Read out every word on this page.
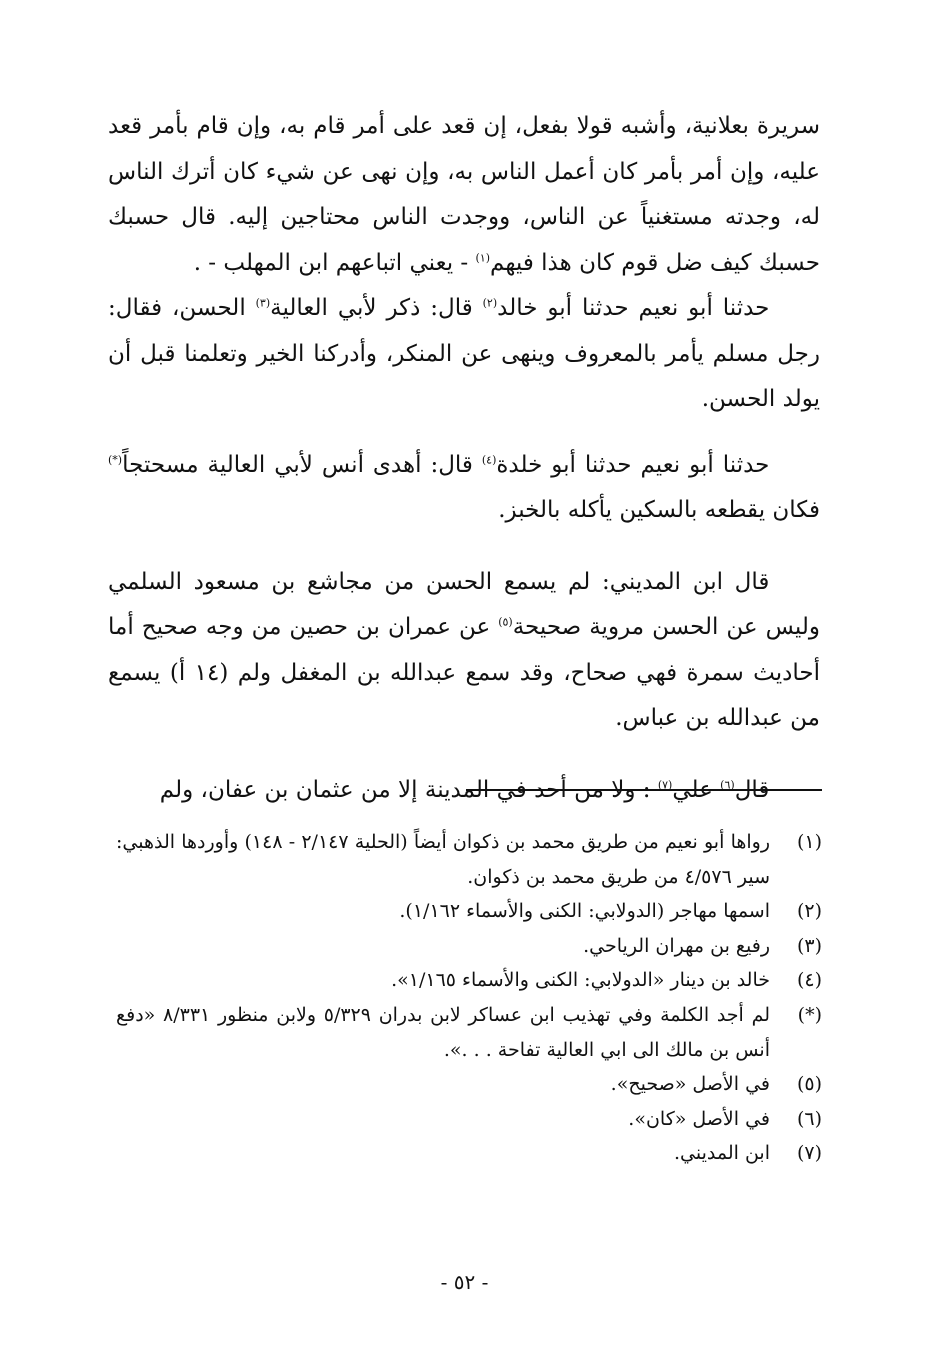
سريرة بعلانية، وأشبه قولا بفعل، إن قعد على أمر قام به، وإن قام بأمر قعد عليه، وإن أمر بأمر كان أعمل الناس به، وإن نهى عن شيء كان أترك الناس له، وجدته مستغنياً عن الناس، ووجدت الناس محتاجين إليه. قال حسبك حسبك كيف ضل قوم كان هذا فيهم$^{(١)}$ - يعني اتباعهم ابن المهلب - .

حدثنا أبو نعيم حدثنا أبو خالد$^{(٢)}$ قال: ذكر لأبي العالية$^{(٣)}$ الحسن، فقال: رجل مسلم يأمر بالمعروف وينهى عن المنكر، وأدركنا الخير وتعلمنا قبل أن يولد الحسن.

حدثنا أبو نعيم حدثنا أبو خلدة$^{(٤)}$ قال: أهدى أنس لأبي العالية مسحتجاً(*) فكان يقطعه بالسكين يأكله بالخبز.

قال ابن المديني: لم يسمع الحسن من مجاشع بن مسعود السلمي وليس عن الحسن مروية صحيحة$^{(٥)}$ عن عمران بن حصين من وجه صحيح أما أحاديث سمرة فهي صحاح، وقد سمع عبدالله بن المغفل ولم (١٤ أ) يسمع من عبدالله بن عباس.

قال$^{(٦)}$ علي$^{(٧)}$ : ولا من أحد في المدينة إلا من عثمان بن عفان، ولم

(١)
رواها أبو نعيم من طريق محمد بن ذكوان أيضاً (الحلية ٢/١٤٧ - ١٤٨) وأوردها الذهبي: سير ٤/٥٧٦ من طريق محمد بن ذكوان.
(٢)
اسمها مهاجر (الدولابي: الكنى والأسماء ١/١٦٢).
(٣)
رفيع بن مهران الرياحي.
(٤)
خالد بن دينار «الدولابي: الكنى والأسماء ١/١٦٥».
(*)
لم أجد الكلمة وفي تهذيب ابن عساكر لابن بدران ٥/٣٢٩ ولابن منظور ٨/٣٣١ «دفع أنس بن مالك الى ابي العالية تفاحة . . .».
(٥)
في الأصل «صحيح».
(٦)
في الأصل «كان».
(٧)
ابن المديني.
- ٥٢ -
